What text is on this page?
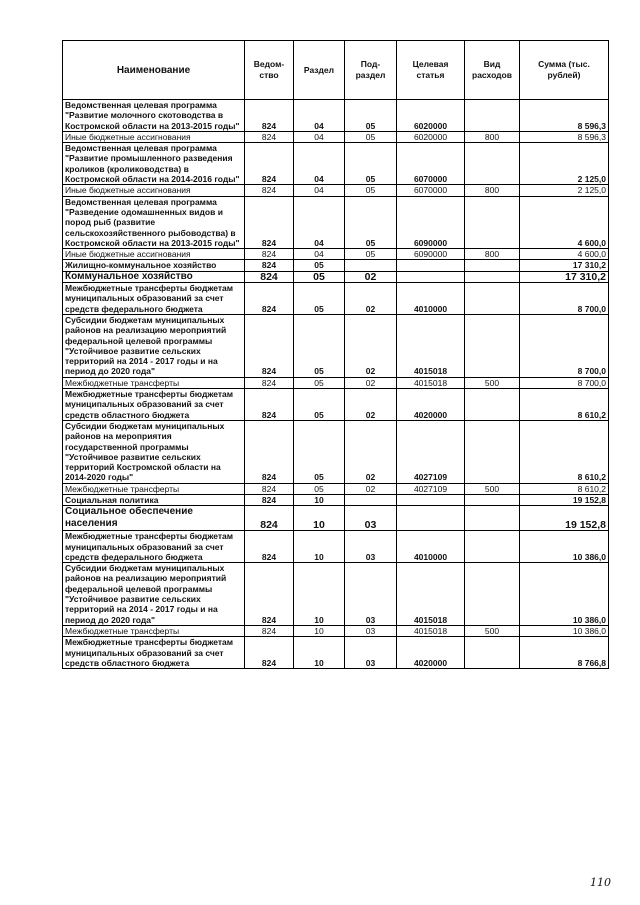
Наименование	Ведом-ство	Раздел	Под-раздел	Целевая статья	Вид расходов	Сумма (тыс. рублей)
Ведомственная целевая программа "Развитие молочного скотоводства в Костромской области на 2013-2015 годы"	824	04	05	6020000		8 596,3
Иные бюджетные ассигнования	824	04	05	6020000	800	8 596,3
Ведомственная целевая программа "Развитие промышленного разведения кроликов (кролиководства) в Костромской области на 2014-2016 годы"	824	04	05	6070000		2 125,0
Иные бюджетные ассигнования	824	04	05	6070000	800	2 125,0
Ведомственная целевая программа "Разведение одомашненных видов и пород рыб (развитие сельскохозяйственного рыбоводства) в Костромской области на 2013-2015 годы"	824	04	05	6090000		4 600,0
Иные бюджетные ассигнования	824	04	05	6090000	800	4 600,0
Жилищно-коммунальное хозяйство	824	05				17 310,2
Коммунальное хозяйство	824	05	02			17 310,2
Межбюджетные трансферты бюджетам муниципальных образований за счет средств федерального бюджета	824	05	02	4010000		8 700,0
Субсидии бюджетам муниципальных районов на реализацию мероприятий федеральной целевой программы "Устойчивое развитие сельских территорий на 2014 - 2017 годы и на период до 2020 года"	824	05	02	4015018		8 700,0
Межбюджетные трансферты	824	05	02	4015018	500	8 700,0
Межбюджетные трансферты бюджетам муниципальных образований за счет средств областного бюджета	824	05	02	4020000		8 610,2
Субсидии бюджетам муниципальных районов на мероприятия государственной программы "Устойчивое развитие сельских территорий Костромской области на 2014-2020 годы"	824	05	02	4027109		8 610,2
Межбюджетные трансферты	824	05	02	4027109	500	8 610,2
Социальная политика	824	10				19 152,8
Социальное обеспечение населения	824	10	03			19 152,8
Межбюджетные трансферты бюджетам муниципальных образований за счет средств федерального бюджета	824	10	03	4010000		10 386,0
Субсидии бюджетам муниципальных районов на реализацию мероприятий федеральной целевой программы "Устойчивое развитие сельских территорий на 2014 - 2017 годы и на период до 2020 года"	824	10	03	4015018		10 386,0
Межбюджетные трансферты	824	10	03	4015018	500	10 386,0
Межбюджетные трансферты бюджетам муниципальных образований за счет средств областного бюджета	824	10	03	4020000		8 766,8
110
